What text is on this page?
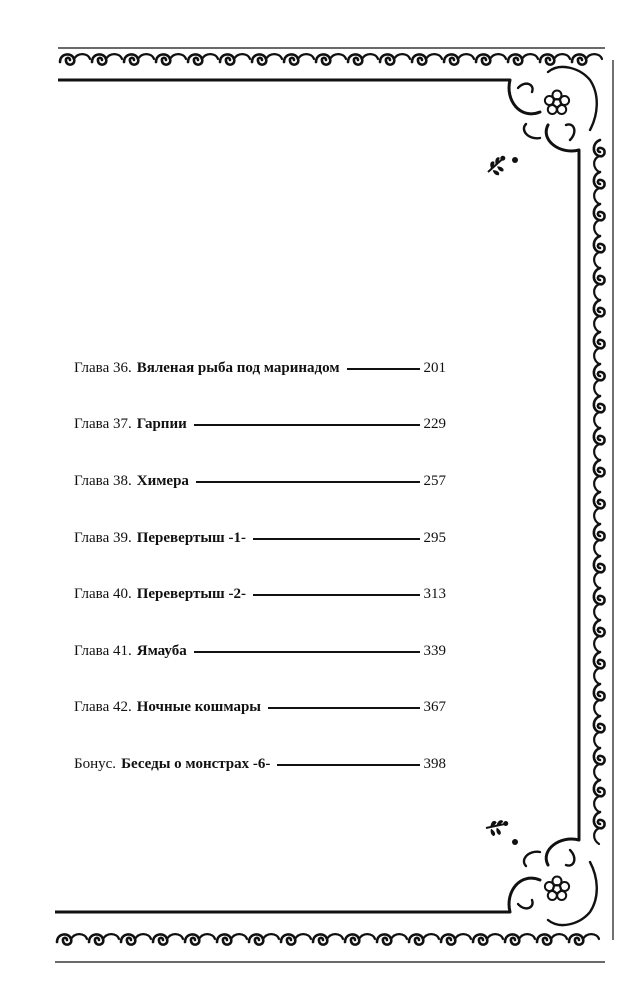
Глава 36. Вяленая рыба под маринадом	201
Глава 37. Гарпии	229
Глава 38. Химера	257
Глава 39. Перевертыш -1-	295
Глава 40. Перевертыш -2-	313
Глава 41. Ямауба	339
Глава 42. Ночные кошмары	367
Бонус. Беседы о монстрах -6-	398
